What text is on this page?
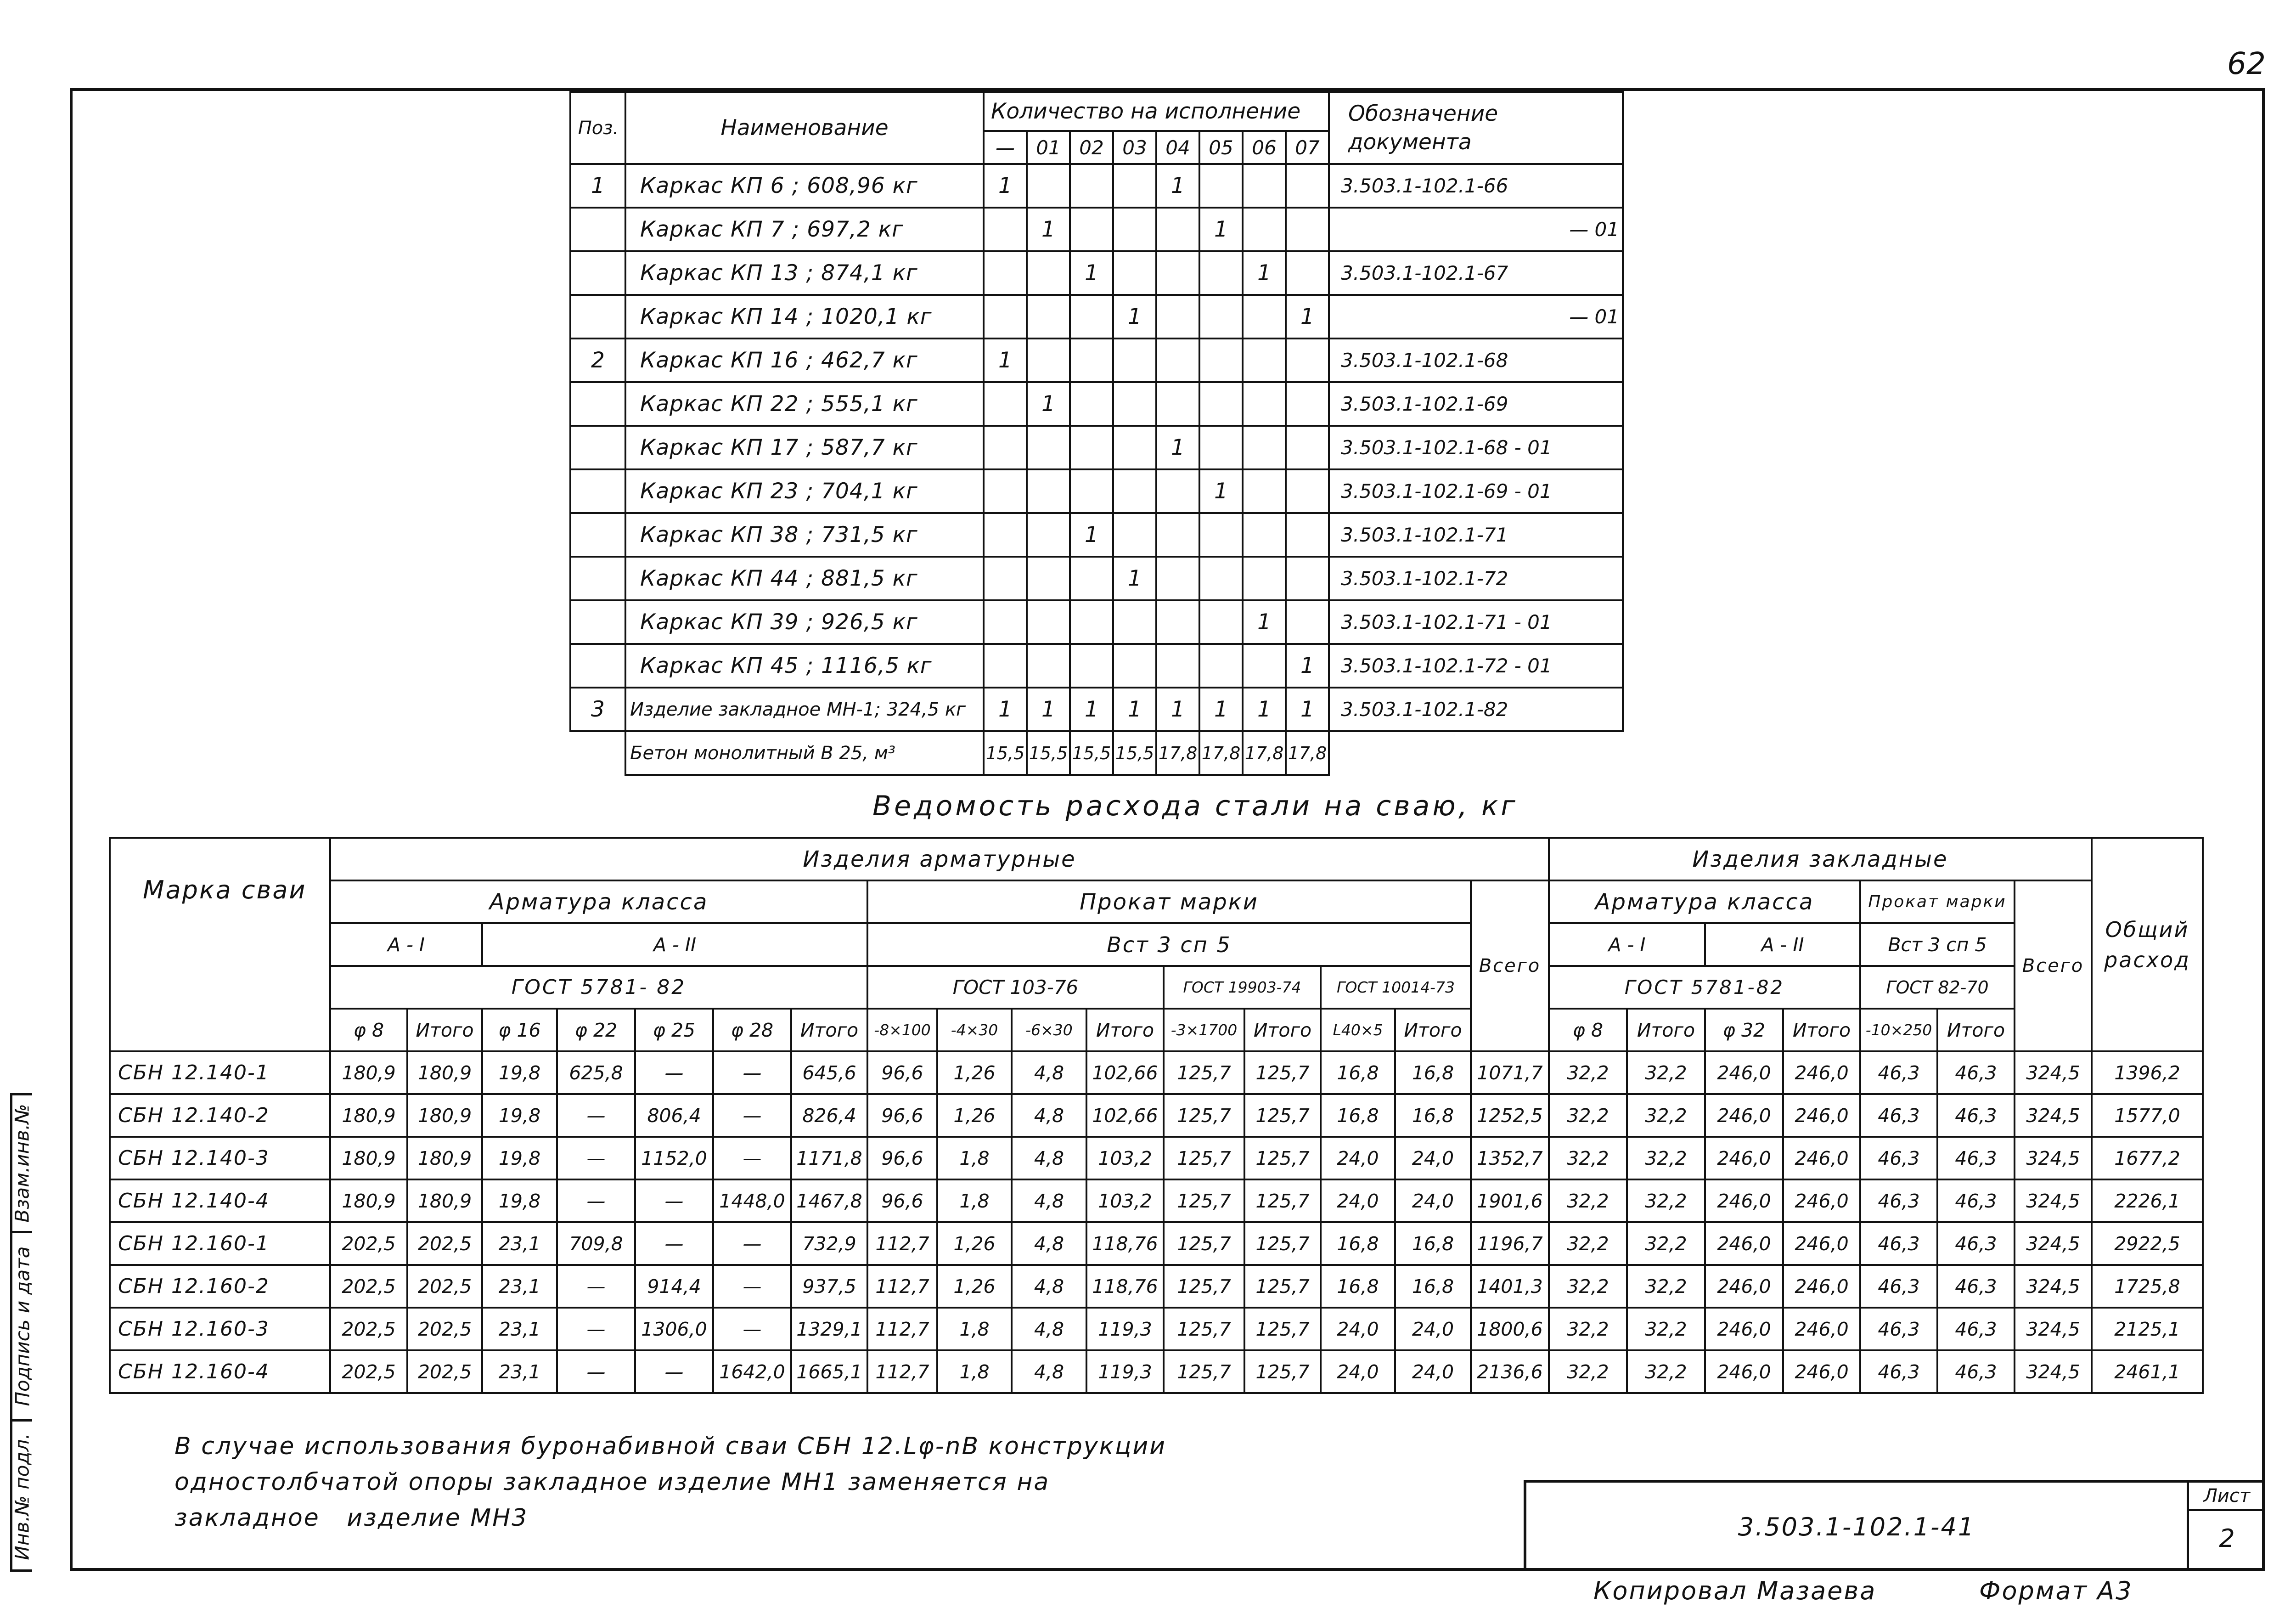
62
Взам.инв.№
Подпись и дата
Инв.№ подл.
Поз.	Наименование	Количество на исполнение								Обозначение документа
		—	01	02	03	04	05	06	07	
1	Каркас КП 6 ; 608,96 кг	1				1				3.503.1-102.1-66
	Каркас КП 7 ; 697,2 кг		1				1			— 01
	Каркас КП 13 ; 874,1 кг			1				1		3.503.1-102.1-67
	Каркас КП 14 ; 1020,1 кг				1				1	— 01
2	Каркас КП 16 ; 462,7 кг	1								3.503.1-102.1-68
	Каркас КП 22 ; 555,1 кг		1							3.503.1-102.1-69
	Каркас КП 17 ; 587,7 кг					1				3.503.1-102.1-68 - 01
	Каркас КП 23 ; 704,1 кг						1			3.503.1-102.1-69 - 01
	Каркас КП 38 ; 731,5 кг			1						3.503.1-102.1-71
	Каркас КП 44 ; 881,5 кг				1					3.503.1-102.1-72
	Каркас КП 39 ; 926,5 кг							1		3.503.1-102.1-71 - 01
	Каркас КП 45 ; 1116,5 кг								1	3.503.1-102.1-72 - 01
3	Изделие закладное МН-1; 324,5 кг	1	1	1	1	1	1	1	1	3.503.1-102.1-82
	Бетон монолитный В 25, м³	15,5	15,5	15,5	15,5	17,8	17,8	17,8	17,8	
Ведомость расхода стали на сваю, кг
Марка сваи	Изделия арматурные																Изделия закладные							Общий расход
	Арматура класса							Прокат марки								Всего	Арматура класса				Прокат марки		Всего	
	А - I		А - II					Вст 3 сп 5									А - I		А - II		Вст 3 сп 5			
	ГОСТ 5781- 82							ГОСТ 103-76				ГОСТ 19903-74		ГОСТ 10014-73			ГОСТ 5781-82				ГОСТ 82-70			
	φ 8	Итого	φ 16	φ 22	φ 25	φ 28	Итого	-8×100	-4×30	-6×30	Итого	-3×1700	Итого	L40×5	Итого		φ 8	Итого	φ 32	Итого	-10×250	Итого		
СБН 12.140-1	180,9	180,9	19,8	625,8	—	—	645,6	96,6	1,26	4,8	102,66	125,7	125,7	16,8	16,8	1071,7	32,2	32,2	246,0	246,0	46,3	46,3	324,5	1396,2
СБН 12.140-2	180,9	180,9	19,8	—	806,4	—	826,4	96,6	1,26	4,8	102,66	125,7	125,7	16,8	16,8	1252,5	32,2	32,2	246,0	246,0	46,3	46,3	324,5	1577,0
СБН 12.140-3	180,9	180,9	19,8	—	1152,0	—	1171,8	96,6	1,8	4,8	103,2	125,7	125,7	24,0	24,0	1352,7	32,2	32,2	246,0	246,0	46,3	46,3	324,5	1677,2
СБН 12.140-4	180,9	180,9	19,8	—	—	1448,0	1467,8	96,6	1,8	4,8	103,2	125,7	125,7	24,0	24,0	1901,6	32,2	32,2	246,0	246,0	46,3	46,3	324,5	2226,1
СБН 12.160-1	202,5	202,5	23,1	709,8	—	—	732,9	112,7	1,26	4,8	118,76	125,7	125,7	16,8	16,8	1196,7	32,2	32,2	246,0	246,0	46,3	46,3	324,5	2922,5
СБН 12.160-2	202,5	202,5	23,1	—	914,4	—	937,5	112,7	1,26	4,8	118,76	125,7	125,7	16,8	16,8	1401,3	32,2	32,2	246,0	246,0	46,3	46,3	324,5	1725,8
СБН 12.160-3	202,5	202,5	23,1	—	1306,0	—	1329,1	112,7	1,8	4,8	119,3	125,7	125,7	24,0	24,0	1800,6	32,2	32,2	246,0	246,0	46,3	46,3	324,5	2125,1
СБН 12.160-4	202,5	202,5	23,1	—	—	1642,0	1665,1	112,7	1,8	4,8	119,3	125,7	125,7	24,0	24,0	2136,6	32,2	32,2	246,0	246,0	46,3	46,3	324,5	2461,1
В случае использования буронабивной сваи СБН 12.Lφ-nВ конструкции
одностолбчатой опоры закладное изделие МН1 заменяется на
закладное   изделие МН3	3.503.1-102.1-41
Лист
2
Копировал Мазаева	Формат А3
